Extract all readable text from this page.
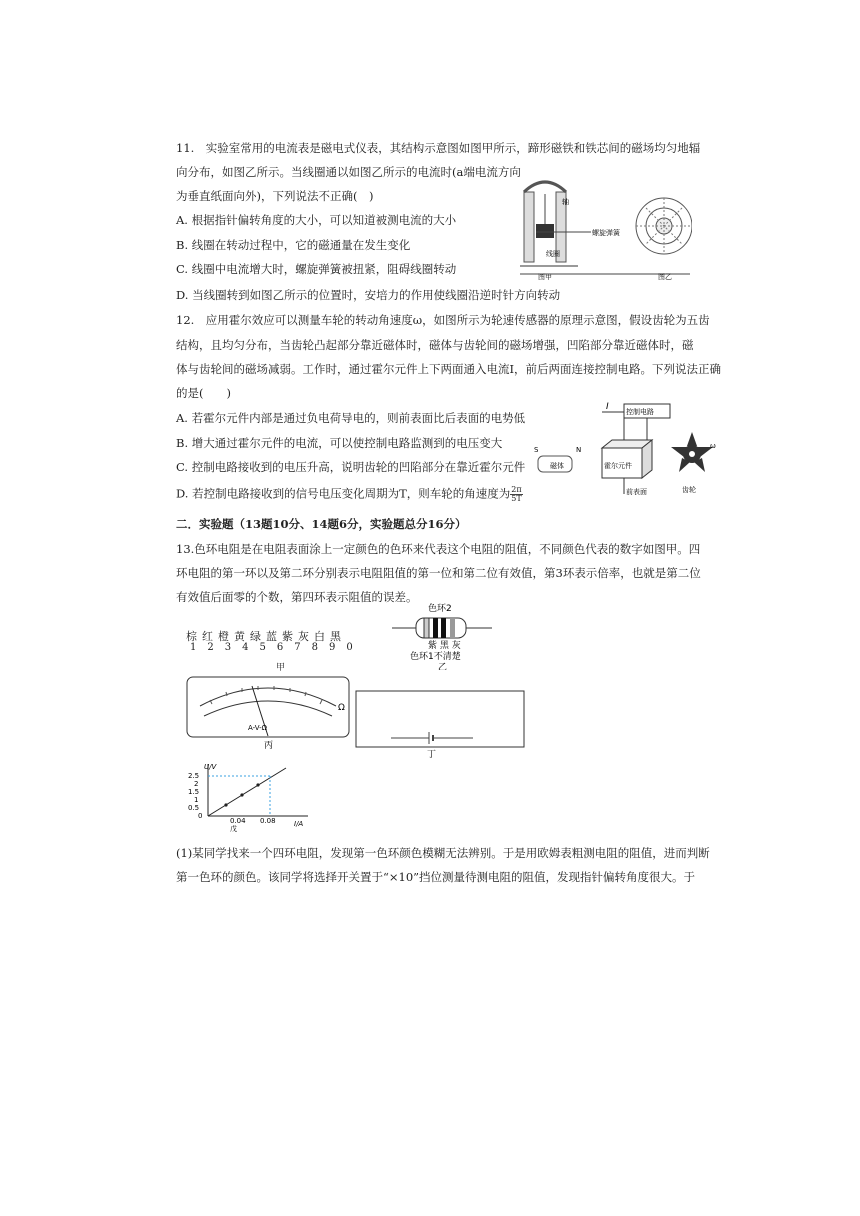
11.　实验室常用的电流表是磁电式仪表，其结构示意图如图甲所示，蹄形磁铁和铁芯间的磁场均匀地辐
向分布，如图乙所示。当线圈通以如图乙所示的电流时(a端电流方向
为垂直纸面向外)，下列说法不正确(　)
A. 根据指针偏转角度的大小，可以知道被测电流的大小
B. 线圈在转动过程中，它的磁通量在发生变化
C. 线圈中电流增大时，螺旋弹簧被扭紧，阻碍线圈转动
D. 当线圈转到如图乙所示的位置时，安培力的作用使线圈沿逆时针方向转动
图甲
螺旋弹簧
轴
线圈
图乙
12.　应用霍尔效应可以测量车轮的转动角速度ω，如图所示为轮速传感器的原理示意图，假设齿轮为五齿
结构，且均匀分布，当齿轮凸起部分靠近磁体时，磁体与齿轮间的磁场增强，凹陷部分靠近磁体时，磁
体与齿轮间的磁场减弱。工作时，通过霍尔元件上下两面通入电流I，前后两面连接控制电路。下列说法正确
的是(　　)
A. 若霍尔元件内部是通过负电荷导电的，则前表面比后表面的电势低
B. 增大通过霍尔元件的电流，可以使控制电路监测到的电压变大
C. 控制电路接收到的电压升高，说明齿轮的凹陷部分在靠近霍尔元件
D. 若控制电路接收到的信号电压变化周期为T，则车轮的角速度为 $\frac{2\pi}{5T}$
控制电路
I
霍尔元件
前表面
磁体
S	N
齿轮
ω
二．实验题（13题10分、14题6分，实验题总分16分）
13.色环电阻是在电阻表面涂上一定颜色的色环来代表这个电阻的阻值，不同颜色代表的数字如图甲。四
环电阻的第一环以及第二环分别表示电阻阻值的第一位和第二位有效值，第3环表示倍率，也就是第二位
有效值后面零的个数，第四环表示阻值的误差。
棕红橙黄绿蓝紫灰白黑
1234567890
甲
色环2
紫 黑 灰
色环1不清楚
乙
A-V-Ω
Ω
丙
丁
U/V
I/A
2.5
2
1.5
1
0.5
0
0.04 0.08
戊
(1)某同学找来一个四环电阻，发现第一色环颜色模糊无法辨别。于是用欧姆表粗测电阻的阻值，进而判断
第一色环的颜色。该同学将选择开关置于“×10”挡位测量待测电阻的阻值，发现指针偏转角度很大。于
